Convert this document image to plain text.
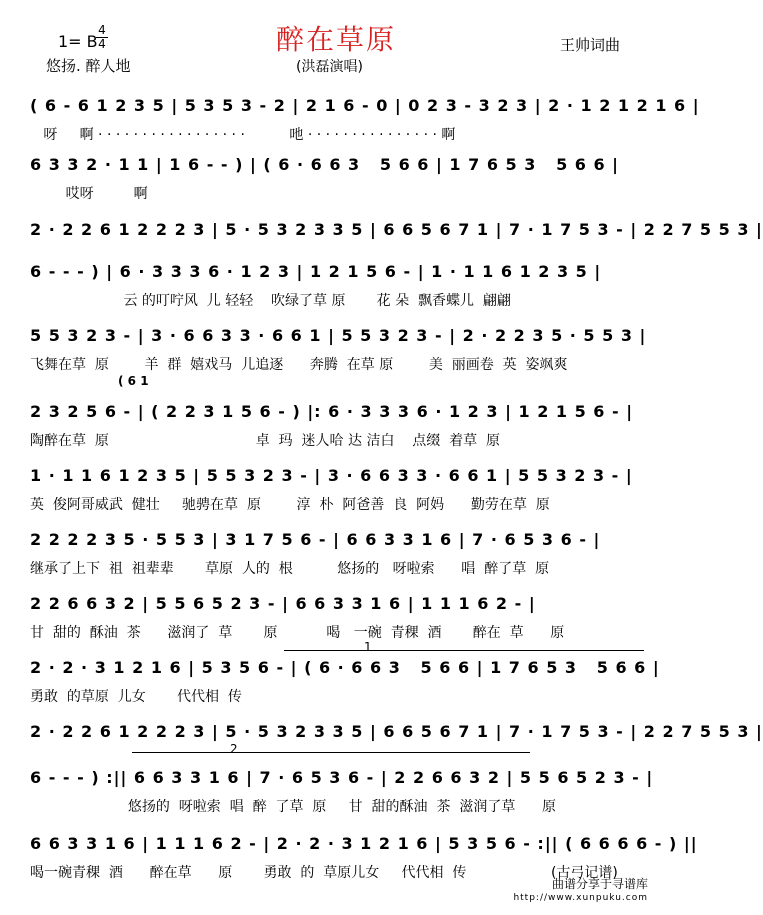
醉在草原
1= B
4
4
悠扬. 醉人地	(洪磊演唱)
王帅词曲
( 6 - 6 1 2 3 5 | 5 3 5 3 - 2 | 2 1 6 - 0 | 0 2 3 - 3 2 3 | 2 · 1 2 1 2 1 6 |
呀     啊 · · · · · · · · · · · · · · · · ·          吔 · · · · · · · · · · · · · · · 啊
6 3 3 2 · 1 1 | 1 6 - - ) | ( 6 · 6 6 3   5 6 6 | 1 7 6 5 3   5 6 6 |
哎呀         啊
2 · 2 2 6 1 2 2 2 3 | 5 · 5 3 2 3 3 5 | 6 6 5 6 7 1 | 7 · 1 7 5 3 - | 2 2 7 5 5 3 |
6 - - - ) | 6 · 3 3 3 6 · 1 2 3 | 1 2 1 5 6 - | 1 · 1 1 6 1 2 3 5 |
云 的叮咛风  儿 轻轻    吹绿了草 原       花 朵  飘香蝶儿  翩翩
5 5 3 2 3 - | 3 · 6 6 3 3 · 6 6 1 | 5 5 3 2 3 - | 2 · 2 2 3 5 · 5 5 3 |
飞舞在草  原        羊  群  嬉戏马  儿追逐      奔腾  在草 原        美  丽画卷  英  姿飒爽
( 6 1
2 3 2 5 6 - | ( 2 2 3 1 5 6 - ) |: 6 · 3 3 3 6 · 1 2 3 | 1 2 1 5 6 - |
陶醉在草  原                                 卓  玛  迷人哈 达 洁白    点缀  着草  原
1 · 1 1 6 1 2 3 5 | 5 5 3 2 3 - | 3 · 6 6 3 3 · 6 6 1 | 5 5 3 2 3 - |
英  俊阿哥威武  健壮     驰骋在草  原        淳  朴  阿爸善  良  阿妈      勤劳在草  原
2 2 2 2 3 5 · 5 5 3 | 3 1 7 5 6 - | 6 6 3 3 1 6 | 7 · 6 5 3 6 - |
继承了上下  祖  祖辈辈       草原  人的  根          悠扬的   呀啦索      唱  醉了草  原
2 2 6 6 3 2 | 5 5 6 5 2 3 - | 6 6 3 3 1 6 | 1 1 1 6 2 - |
甘  甜的  酥油  茶      滋润了  草       原           喝   一碗  青稞  酒       醉在  草      原
1
2 · 2 · 3 1 2 1 6 | 5 3 5 6 - | ( 6 · 6 6 3   5 6 6 | 1 7 6 5 3   5 6 6 |
勇敢  的草原  儿女       代代相  传
2 · 2 2 6 1 2 2 2 3 | 5 · 5 3 2 3 3 5 | 6 6 5 6 7 1 | 7 · 1 7 5 3 - | 2 2 7 5 5 3 |
2
6 - - - ) :|| 6 6 3 3 1 6 | 7 · 6 5 3 6 - | 2 2 6 6 3 2 | 5 5 6 5 2 3 - |
悠扬的  呀啦索  唱  醉  了草  原     甘  甜的酥油  茶  滋润了草      原
6 6 3 3 1 6 | 1 1 1 6 2 - | 2 · 2 · 3 1 2 1 6 | 5 3 5 6 - :|| ( 6 6 6 6 - ) ||
喝一碗青稞  酒      醉在草      原       勇敢  的  草原儿女     代代相  传                   (古弓记谱)
曲谱分享于寻谱库
http://www.xunpuku.com
